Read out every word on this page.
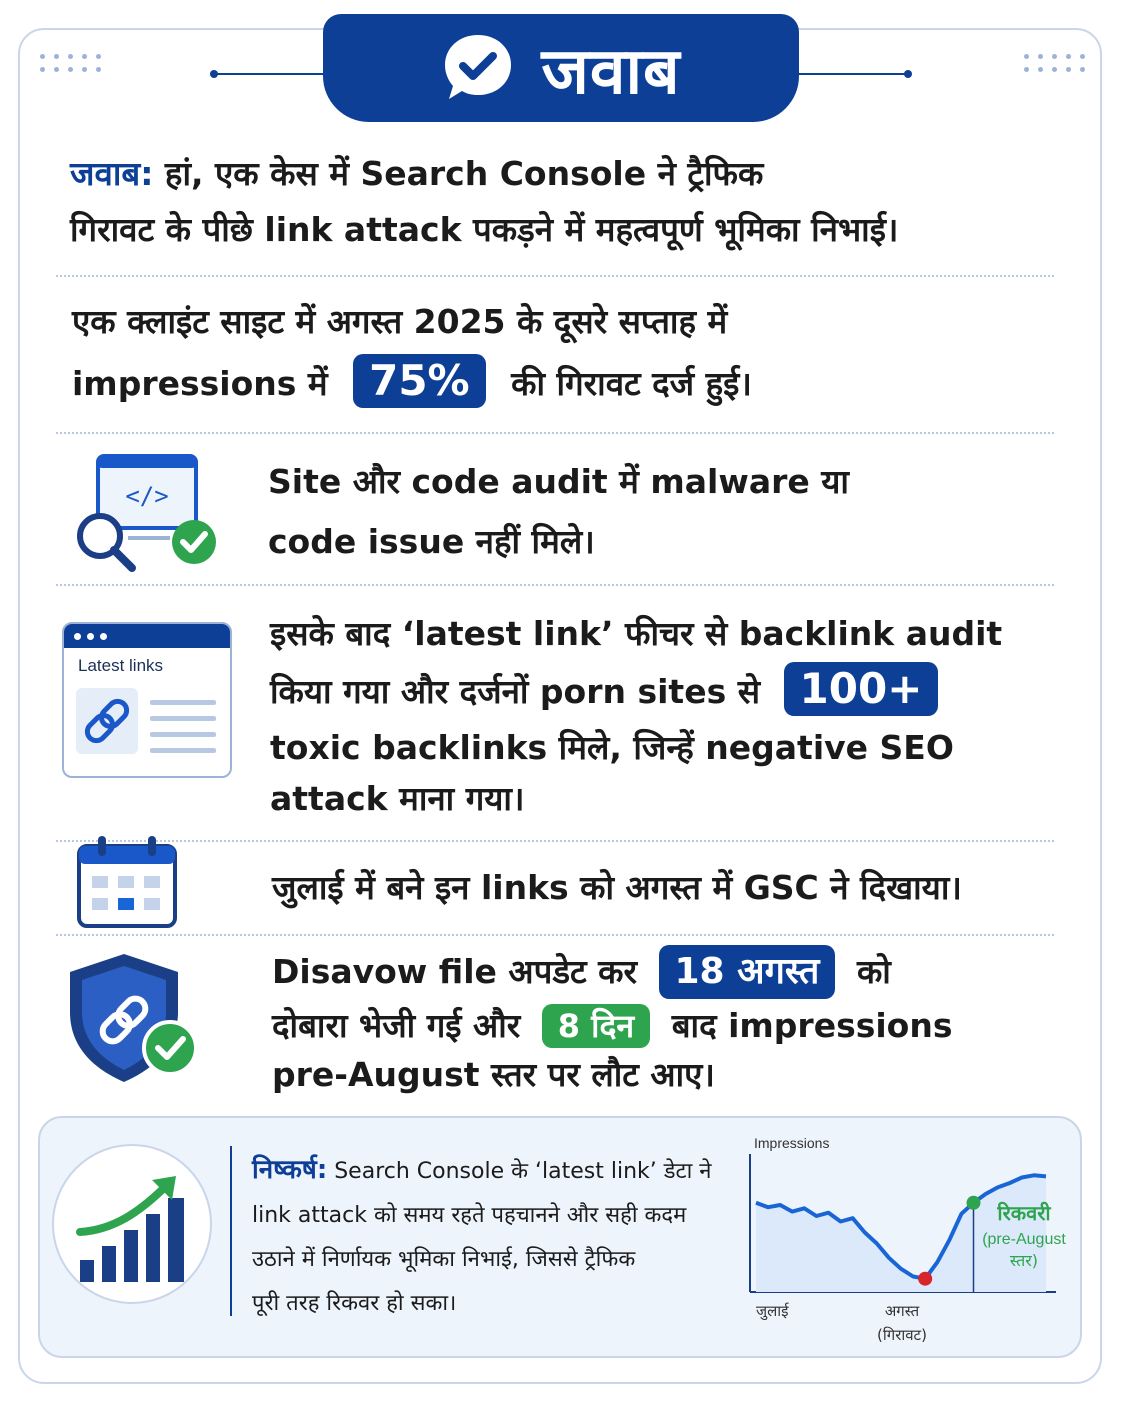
जवाब
जवाब: हां, एक केस में Search Console ने ट्रैफिक
गिरावट के पीछे link attack पकड़ने में महत्वपूर्ण भूमिका निभाई।
एक क्लाइंट साइट में अगस्त 2025 के दूसरे सप्ताह में
impressions में 75% की गिरावट दर्ज हुई।
</>	Site और code audit में malware या
code issue नहीं मिले।
Latest links
इसके बाद ‘latest link’ फीचर से backlink audit
किया गया और दर्जनों porn sites से 100+
toxic backlinks मिले, जिन्हें negative SEO
attack माना गया।
जुलाई में बने इन links को अगस्त में GSC ने दिखाया।
Disavow file अपडेट कर 18 अगस्त को
दोबारा भेजी गई और 8 दिन बाद impressions
pre-August स्तर पर लौट आए।
निष्कर्ष: Search Console के ‘latest link’ डेटा ने
link attack को समय रहते पहचानने और सही कदम
उठाने में निर्णायक भूमिका निभाई, जिससे ट्रैफिक
पूरी तरह रिकवर हो सका।
Impressions
रिकवरी
(pre-August
स्तर)
जुलाई	अगस्त
(गिरावट)
